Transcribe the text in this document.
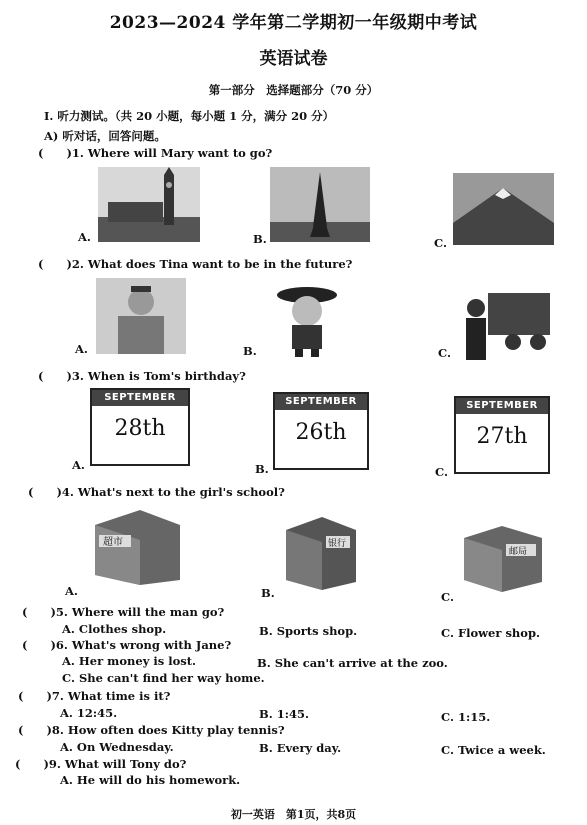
2023—2024 学年第二学期初一年级期中考试
英语试卷
第一部分　选择题部分（70 分）
I. 听力测试。（共 20 小题，每小题 1 分，满分 20 分）
A) 听对话，回答问题。
(　　)1. Where will Mary want to go?
A.	B.	C.
(　　)2. What does Tina want to be in the future?
A.	B.	C.
(　　)3. When is Tom's birthday?
SEPTEMBER
28th
A.
SEPTEMBER
26th
B.
SEPTEMBER
27th
C.
(　　)4. What's next to the girl's school?
超市
A.
银行
B.
邮局
C.
(　　)5. Where will the man go?
A. Clothes shop.	B. Sports shop.	C. Flower shop.
(　　)6. What's wrong with Jane?
A. Her money is lost.	B. She can't arrive at the zoo.
C. She can't find her way home.
(　　)7. What time is it?
A. 12:45.	B. 1:45.	C. 1:15.
(　　)8. How often does Kitty play tennis?
A. On Wednesday.	B. Every day.	C. Twice a week.
(　　)9. What will Tony do?
A. He will do his homework.
初一英语　第1页，共8页
